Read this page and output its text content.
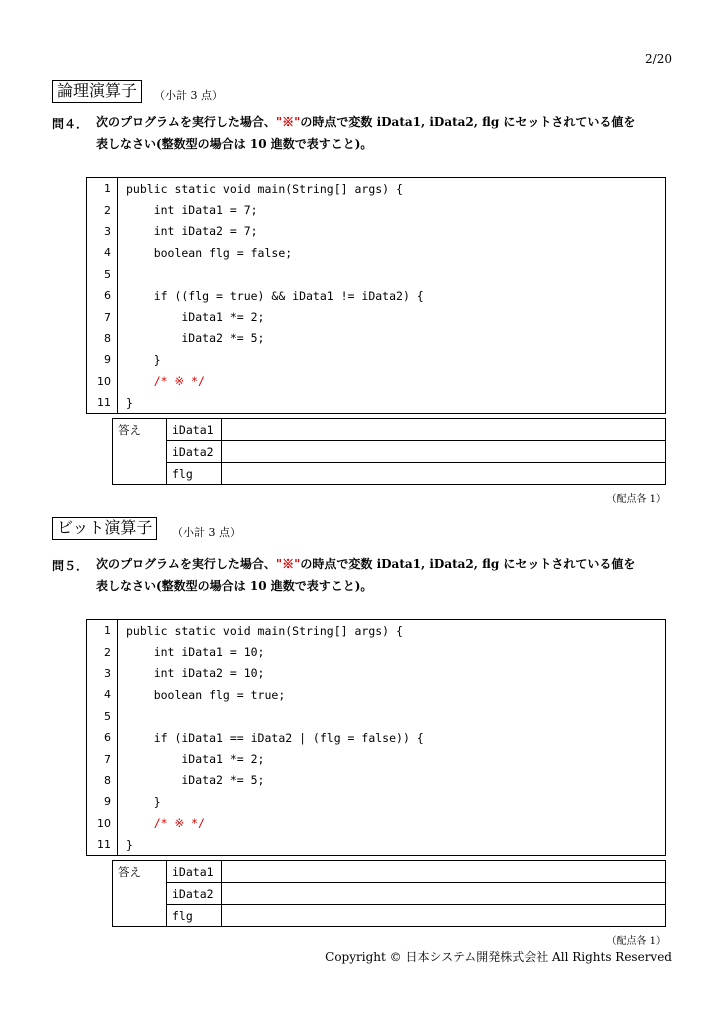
2/20
論理演算子	（小計 3 点）
問４． 次のプログラムを実行した場合、"※"の時点で変数 iData1, iData2, flg にセットされている値を
表しなさい(整数型の場合は 10 進数で表すこと)。
1	public static void main(String[] args) {
2	int iData1 = 7;
3	int iData2 = 7;
4	boolean flg = false;
5	
6	if ((flg = true) && iData1 != iData2) {
7	iData1 *= 2;
8	iData2 *= 5;
9	}
10	/* ※ */
11	}
答え	iData1	
	iData2	
	flg	
（配点各 1）
ビット演算子	（小計 3 点）
問５． 次のプログラムを実行した場合、"※"の時点で変数 iData1, iData2, flg にセットされている値を
表しなさい(整数型の場合は 10 進数で表すこと)。
1	public static void main(String[] args) {
2	int iData1 = 10;
3	int iData2 = 10;
4	boolean flg = true;
5	
6	if (iData1 == iData2 | (flg = false)) {
7	iData1 *= 2;
8	iData2 *= 5;
9	}
10	/* ※ */
11	}
答え	iData1	
	iData2	
	flg	
（配点各 1）
Copyright © 日本システム開発株式会社 All Rights Reserved
